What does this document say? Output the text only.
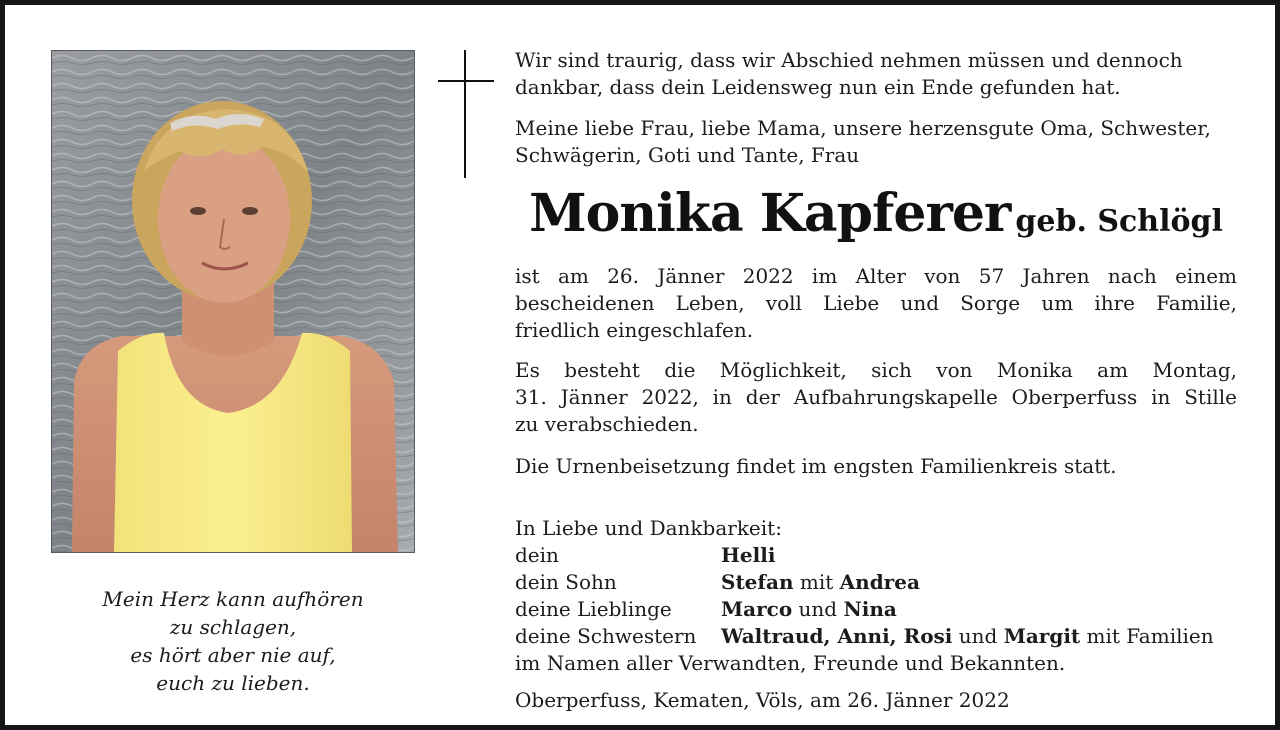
Mein Herz kann aufhören
zu schlagen,
es hört aber nie auf,
euch zu lieben.
Wir sind traurig, dass wir Abschied nehmen müssen und dennoch
dankbar, dass dein Leidensweg nun ein Ende gefunden hat.
Meine liebe Frau, liebe Mama, unsere herzensgute Oma, Schwester,
Schwägerin, Goti und Tante, Frau
Monika Kapferer geb. Schlögl
ist am 26. Jänner 2022 im Alter von 57 Jahren nach einem
bescheidenen Leben, voll Liebe und Sorge um ihre Familie,
friedlich eingeschlafen.
Es besteht die Möglichkeit, sich von Monika am Montag,
31. Jänner 2022, in der Aufbahrungskapelle Oberperfuss in Stille
zu verabschieden.
Die Urnenbeisetzung findet im engsten Familienkreis statt.
In Liebe und Dankbarkeit:
dein	Helli
dein Sohn	Stefan mit Andrea
deine Lieblinge Marco und Nina
deine Schwestern Waltraud, Anni, Rosi und Margit mit Familien
im Namen aller Verwandten, Freunde und Bekannten.
Oberperfuss, Kematen, Völs, am 26. Jänner 2022
